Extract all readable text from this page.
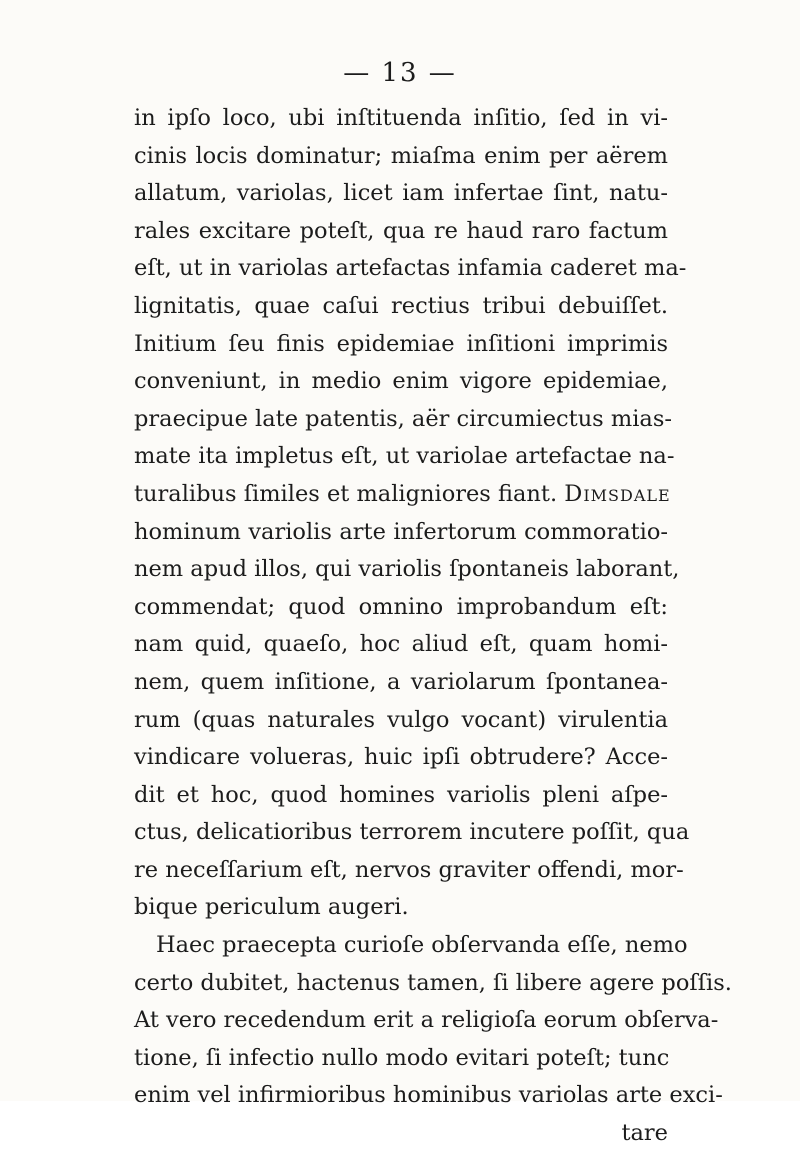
— 13 —
in ipſo loco, ubi inſtituenda inſitio, ſed in vi-
cinis locis dominatur; miaſma enim per aërem
allatum, variolas, licet iam infertae ſint, natu-
rales excitare poteſt, qua re haud raro factum
eſt, ut in variolas artefactas infamia caderet ma-
lignitatis, quae caſui rectius tribui debuiſſet.
Initium ſeu finis epidemiae inſitioni imprimis
conveniunt, in medio enim vigore epidemiae,
praecipue late patentis, aër circumiectus mias-
mate ita impletus eſt, ut variolae artefactae na-
turalibus ſimiles et maligniores fiant. Dimsdale
hominum variolis arte infertorum commoratio-
nem apud illos, qui variolis ſpontaneis laborant,
commendat; quod omnino improbandum eſt:
nam quid, quaeſo, hoc aliud eſt, quam homi-
nem, quem inſitione, a variolarum ſpontanea-
rum (quas naturales vulgo vocant) virulentia
vindicare volueras, huic ipſi obtrudere? Acce-
dit et hoc, quod homines variolis pleni aſpe-
ctus, delicatioribus terrorem incutere poſſit, qua
re neceſſarium eſt, nervos graviter offendi, mor-
bique periculum augeri.
Haec praecepta curioſe obſervanda eſſe, nemo
certo dubitet, hactenus tamen, ſi libere agere poſſis.
At vero recedendum erit a religioſa eorum obſerva-
tione, ſi infectio nullo modo evitari poteſt; tunc
enim vel infirmioribus hominibus variolas arte exci-
tare
